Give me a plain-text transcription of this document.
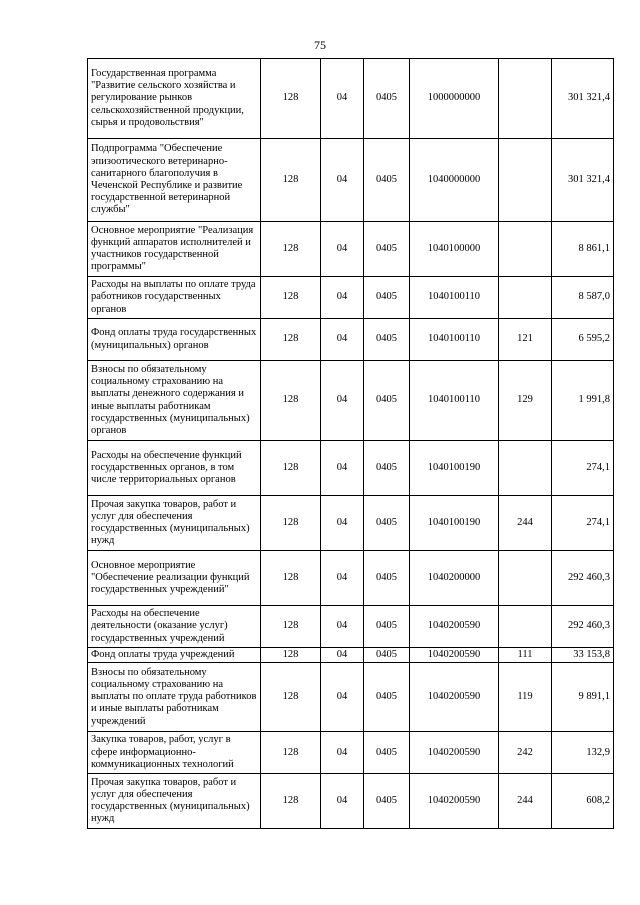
75
Государственная программа "Развитие сельского хозяйства и регулирование рынков сельскохозяйственной продукции, сырья и продовольствия"	128	04	0405	1000000000		301 321,4
Подпрограмма "Обеспечение эпизоотического ветеринарно-санитарного благополучия в Чеченской Республике и развитие государственной ветеринарной службы"	128	04	0405	1040000000		301 321,4
Основное мероприятие "Реализация функций аппаратов исполнителей и участников государственной программы"	128	04	0405	1040100000		8 861,1
Расходы на выплаты по оплате труда работников государственных органов	128	04	0405	1040100110		8 587,0
Фонд оплаты труда государственных (муниципальных) органов	128	04	0405	1040100110	121	6 595,2
Взносы по обязательному социальному страхованию на выплаты денежного содержания и иные выплаты работникам государственных (муниципальных) органов	128	04	0405	1040100110	129	1 991,8
Расходы на обеспечение функций государственных органов, в том числе территориальных органов	128	04	0405	1040100190		274,1
Прочая закупка товаров, работ и услуг для обеспечения государственных (муниципальных) нужд	128	04	0405	1040100190	244	274,1
Основное мероприятие "Обеспечение реализации функций государственных учреждений"	128	04	0405	1040200000		292 460,3
Расходы на обеспечение деятельности (оказание услуг) государственных учреждений	128	04	0405	1040200590		292 460,3
Фонд оплаты труда учреждений	128	04	0405	1040200590	111	33 153,8
Взносы по обязательному социальному страхованию на выплаты по оплате труда работников и иные выплаты работникам учреждений	128	04	0405	1040200590	119	9 891,1
Закупка товаров, работ, услуг в сфере информационно-коммуникационных технологий	128	04	0405	1040200590	242	132,9
Прочая закупка товаров, работ и услуг для обеспечения государственных (муниципальных) нужд	128	04	0405	1040200590	244	608,2
